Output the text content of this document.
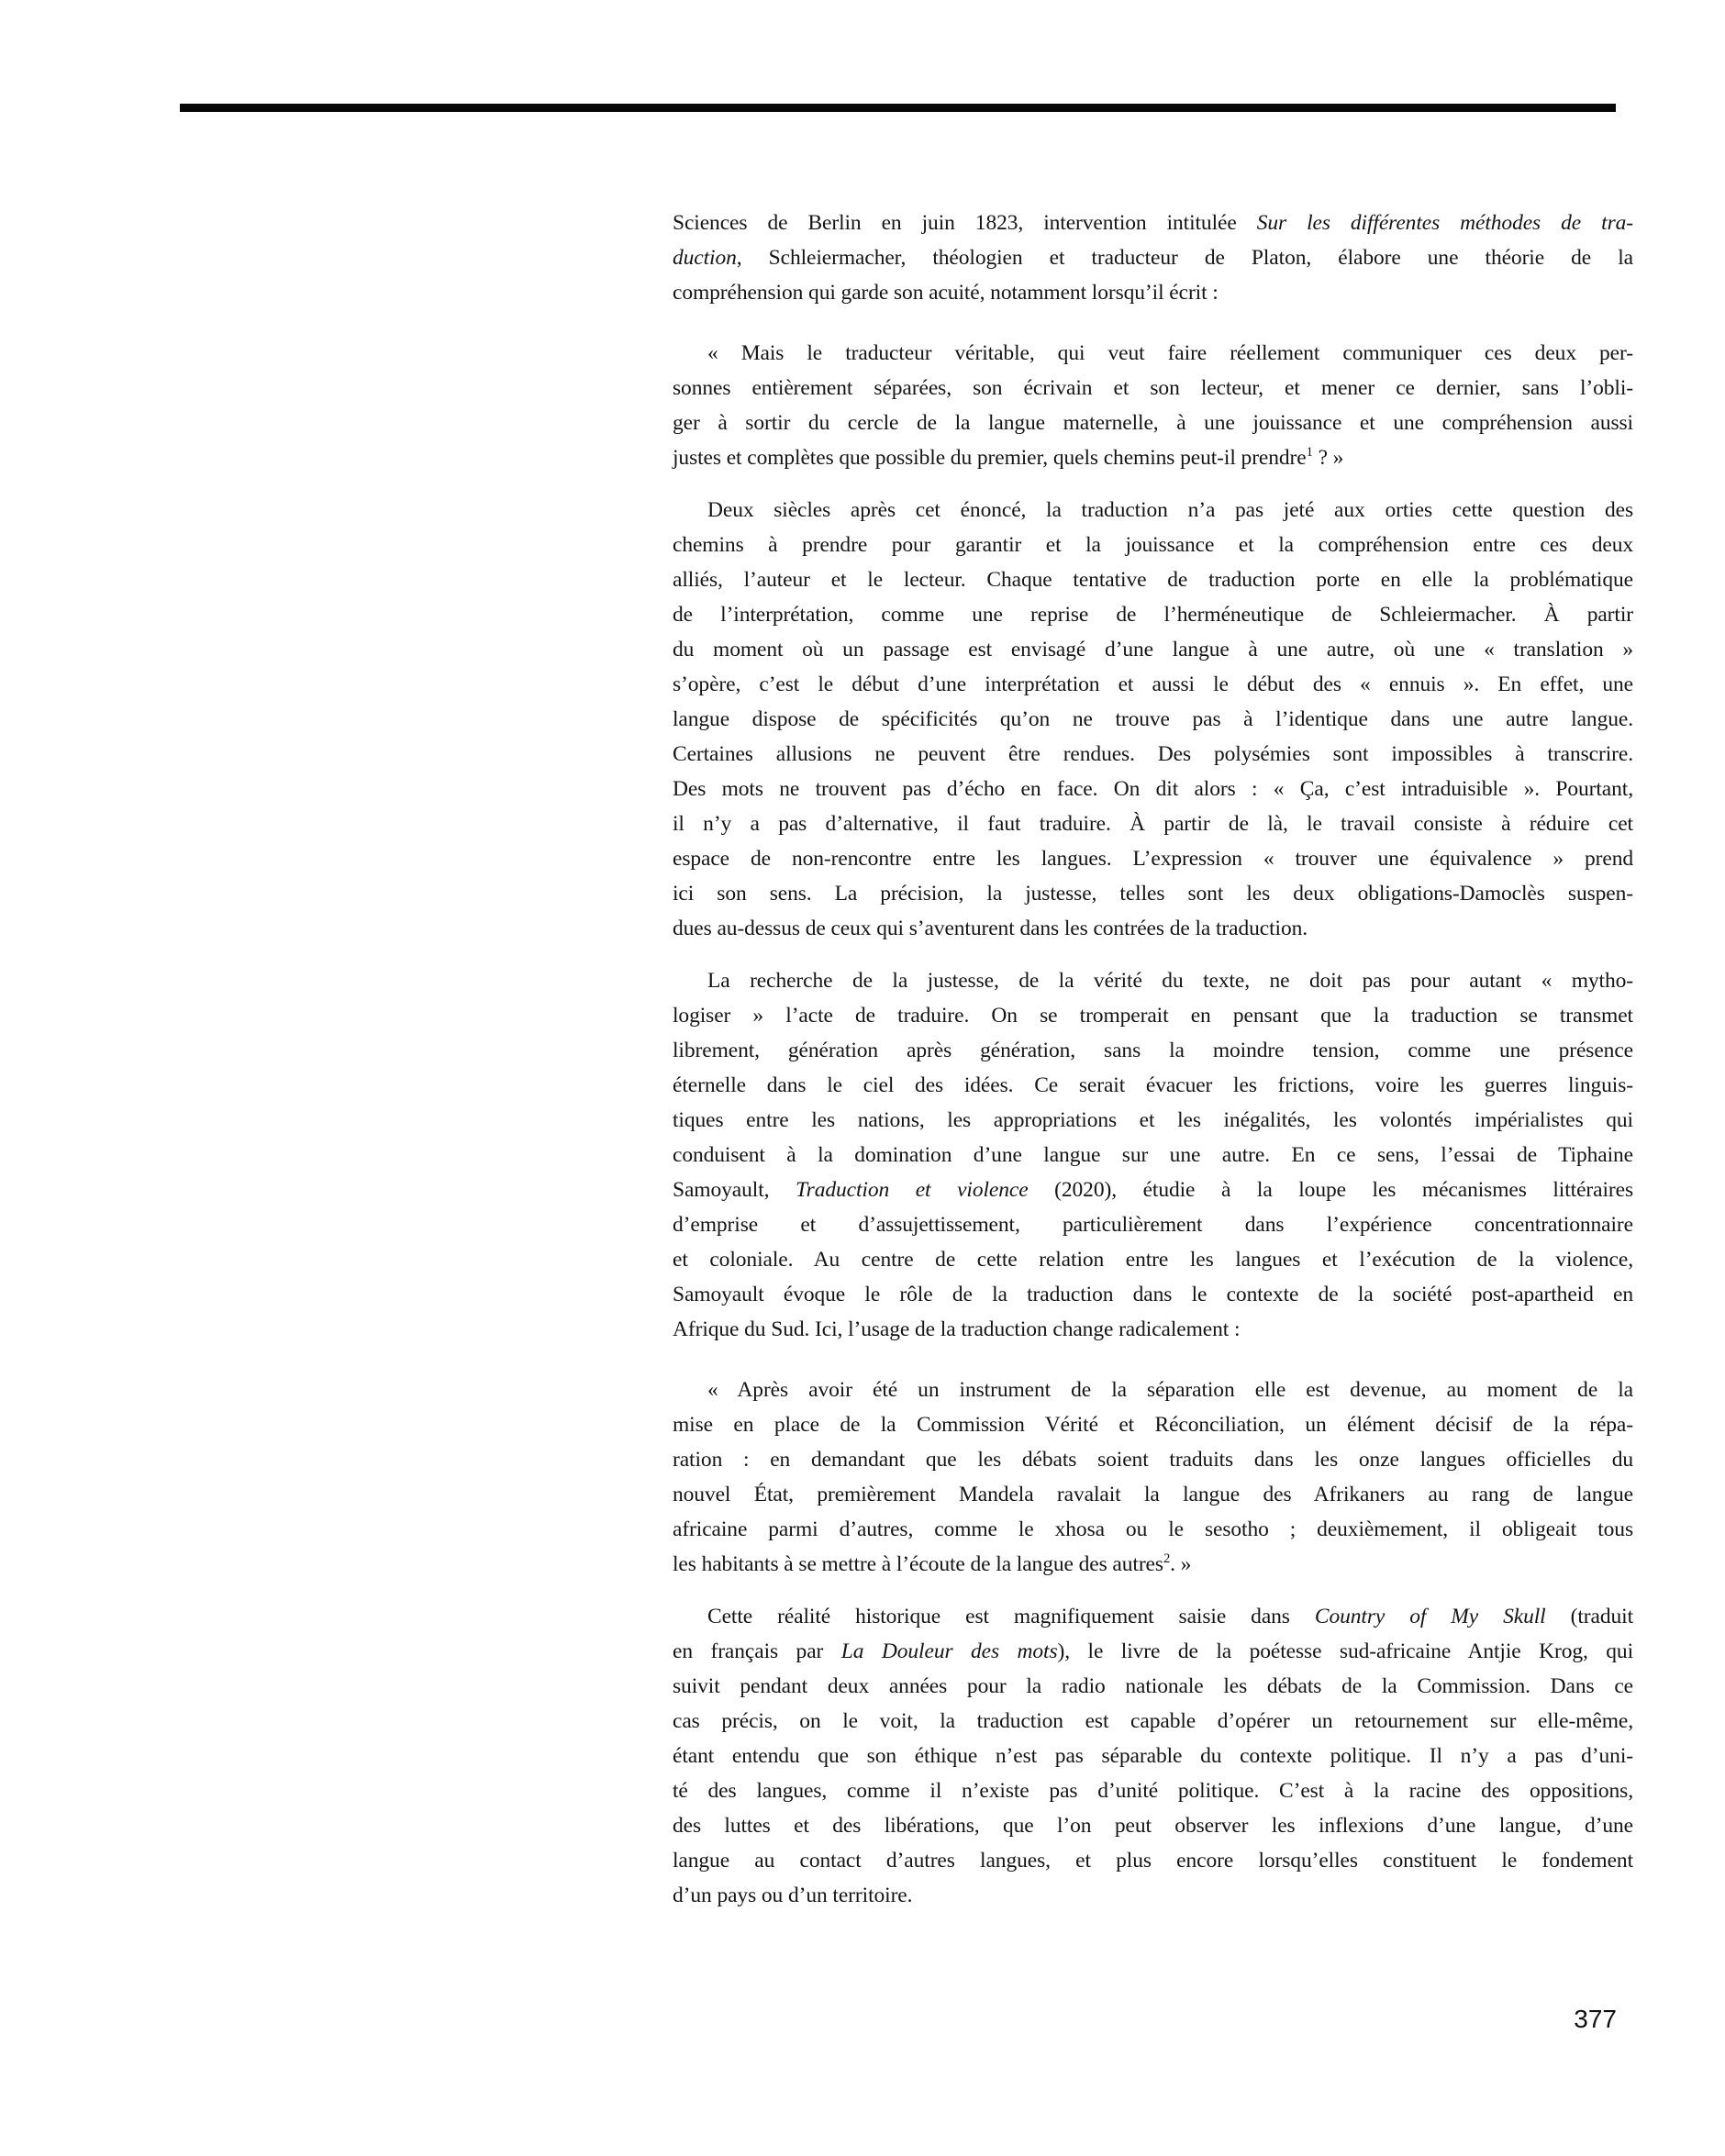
Sciences de Berlin en juin 1823, intervention intitulée Sur les différentes méthodes de tra-
duction, Schleiermacher, théologien et traducteur de Platon, élabore une théorie de la
compréhension qui garde son acuité, notamment lorsqu’il écrit :
« Mais le traducteur véritable, qui veut faire réellement communiquer ces deux per-
sonnes entièrement séparées, son écrivain et son lecteur, et mener ce dernier, sans l’obli-
ger à sortir du cercle de la langue maternelle, à une jouissance et une compréhension aussi
justes et complètes que possible du premier, quels chemins peut-il prendre$^1$ ? »
Deux siècles après cet énoncé, la traduction n’a pas jeté aux orties cette question des
chemins à prendre pour garantir et la jouissance et la compréhension entre ces deux
alliés, l’auteur et le lecteur. Chaque tentative de traduction porte en elle la problématique
de l’interprétation, comme une reprise de l’herméneutique de Schleiermacher. À partir
du moment où un passage est envisagé d’une langue à une autre, où une « translation »
s’opère, c’est le début d’une interprétation et aussi le début des « ennuis ». En effet, une
langue dispose de spécificités qu’on ne trouve pas à l’identique dans une autre langue.
Certaines allusions ne peuvent être rendues. Des polysémies sont impossibles à transcrire.
Des mots ne trouvent pas d’écho en face. On dit alors : « Ça, c’est intraduisible ». Pourtant,
il n’y a pas d’alternative, il faut traduire. À partir de là, le travail consiste à réduire cet
espace de non-rencontre entre les langues. L’expression « trouver une équivalence » prend
ici son sens. La précision, la justesse, telles sont les deux obligations-Damoclès suspen-
dues au-dessus de ceux qui s’aventurent dans les contrées de la traduction.
La recherche de la justesse, de la vérité du texte, ne doit pas pour autant « mytho-
logiser » l’acte de traduire. On se tromperait en pensant que la traduction se transmet
librement, génération après génération, sans la moindre tension, comme une présence
éternelle dans le ciel des idées. Ce serait évacuer les frictions, voire les guerres linguis-
tiques entre les nations, les appropriations et les inégalités, les volontés impérialistes qui
conduisent à la domination d’une langue sur une autre. En ce sens, l’essai de Tiphaine
Samoyault, Traduction et violence (2020), étudie à la loupe les mécanismes littéraires
d’emprise et d’assujettissement, particulièrement dans l’expérience concentrationnaire
et coloniale. Au centre de cette relation entre les langues et l’exécution de la violence,
Samoyault évoque le rôle de la traduction dans le contexte de la société post-apartheid en
Afrique du Sud. Ici, l’usage de la traduction change radicalement :
« Après avoir été un instrument de la séparation elle est devenue, au moment de la
mise en place de la Commission Vérité et Réconciliation, un élément décisif de la répa-
ration : en demandant que les débats soient traduits dans les onze langues officielles du
nouvel État, premièrement Mandela ravalait la langue des Afrikaners au rang de langue
africaine parmi d’autres, comme le xhosa ou le sesotho ; deuxièmement, il obligeait tous
les habitants à se mettre à l’écoute de la langue des autres$^2$. »
Cette réalité historique est magnifiquement saisie dans Country of My Skull (traduit
en français par La Douleur des mots), le livre de la poétesse sud-africaine Antjie Krog, qui
suivit pendant deux années pour la radio nationale les débats de la Commission. Dans ce
cas précis, on le voit, la traduction est capable d’opérer un retournement sur elle-même,
étant entendu que son éthique n’est pas séparable du contexte politique. Il n’y a pas d’uni-
té des langues, comme il n’existe pas d’unité politique. C’est à la racine des oppositions,
des luttes et des libérations, que l’on peut observer les inflexions d’une langue, d’une
langue au contact d’autres langues, et plus encore lorsqu’elles constituent le fondement
d’un pays ou d’un territoire.
377
